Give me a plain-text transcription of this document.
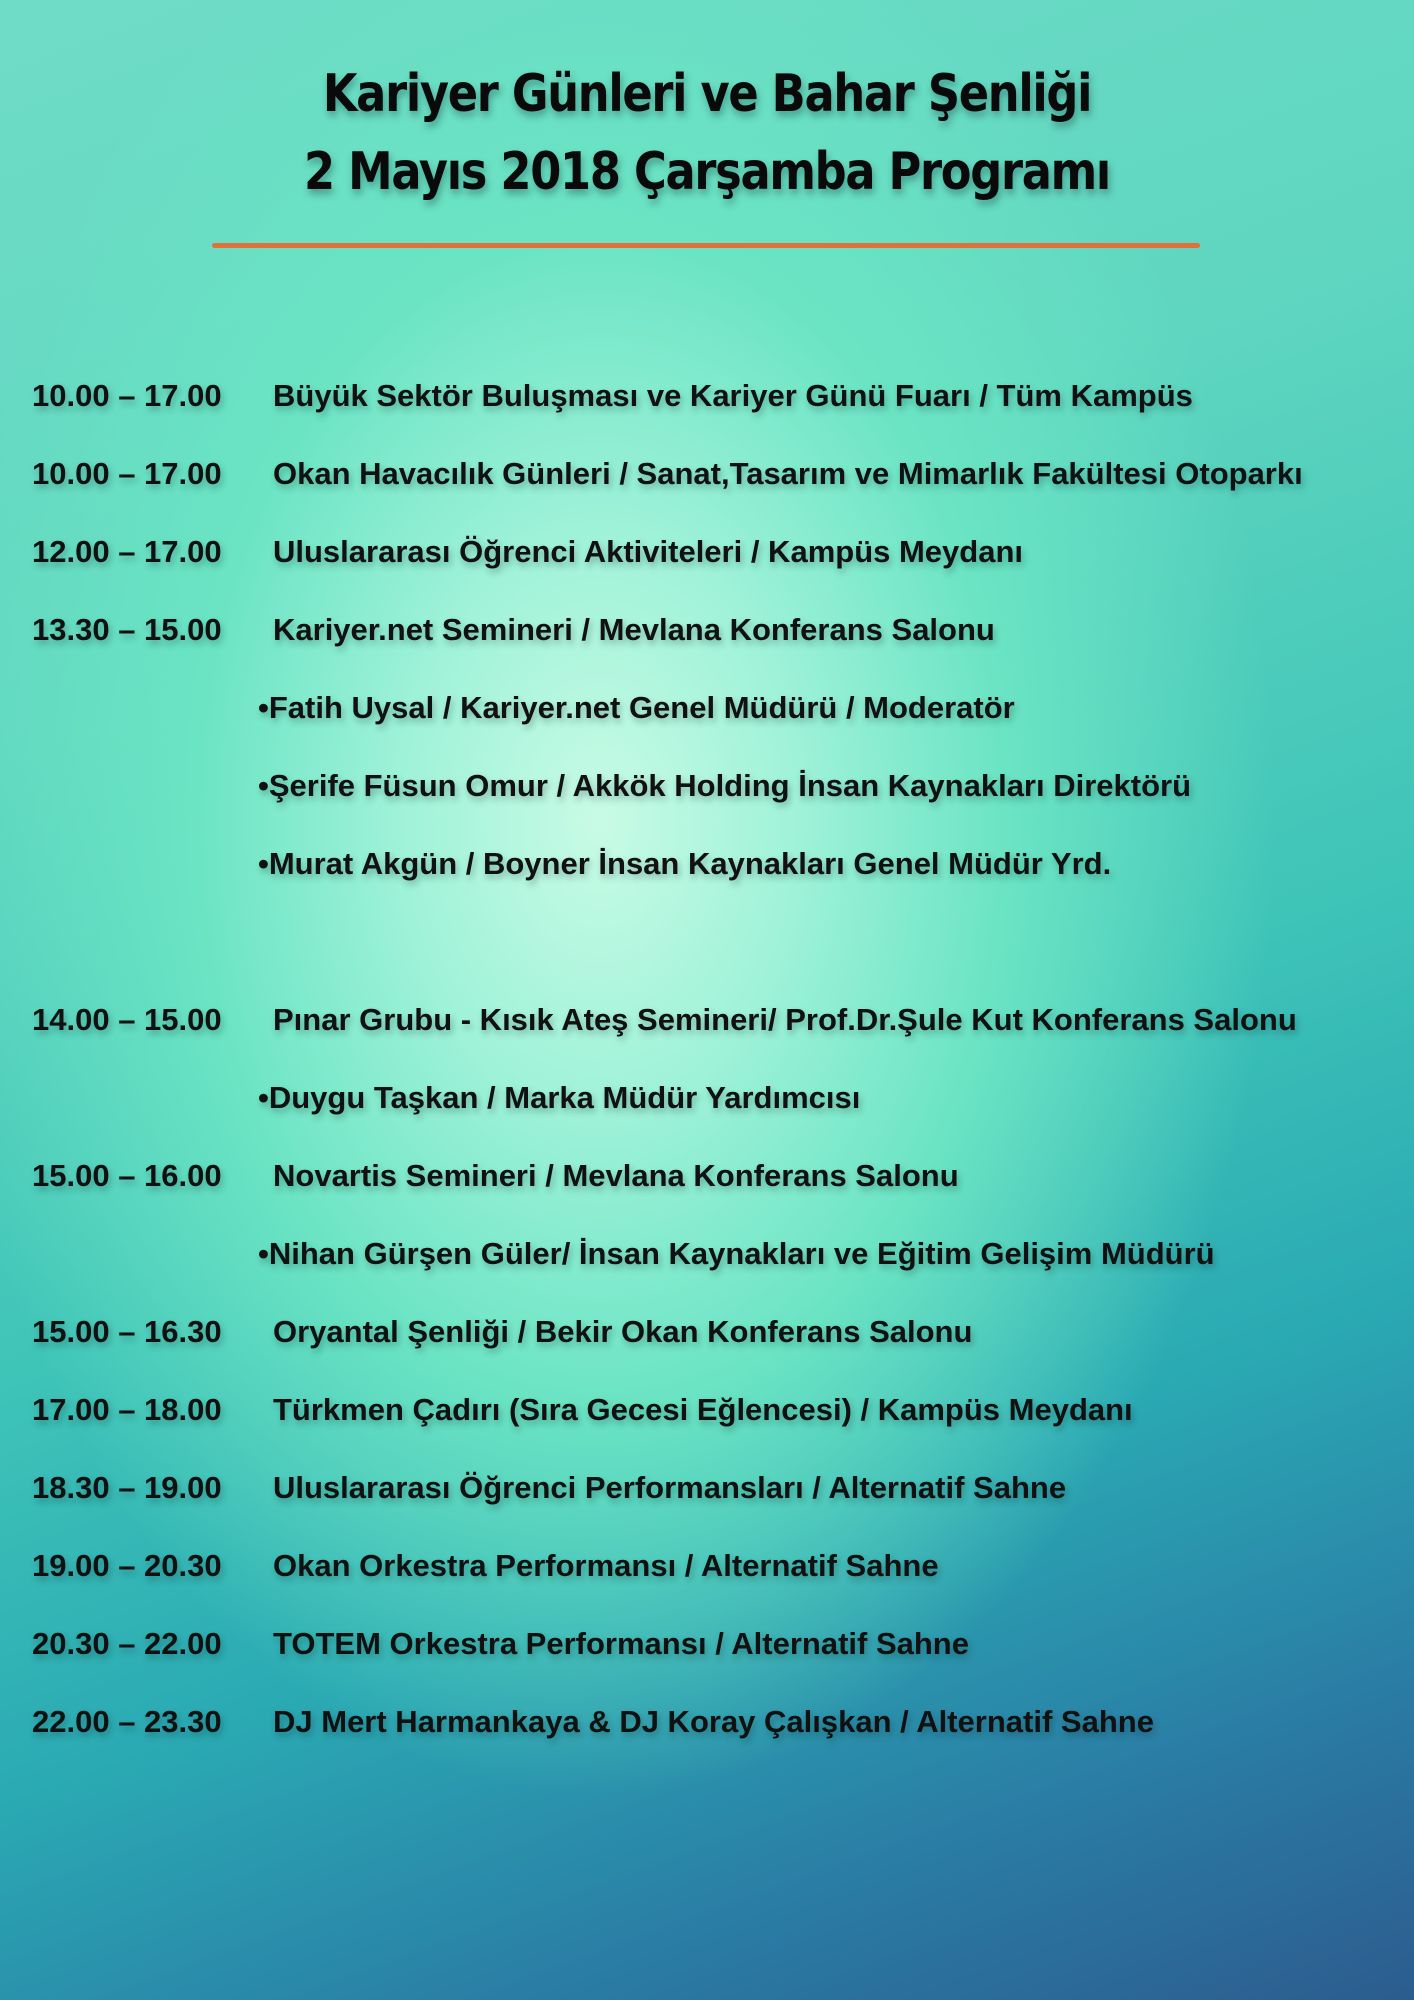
Kariyer Günleri ve Bahar Şenliği
2 Mayıs 2018 Çarşamba Programı
10.00 – 17.00 Büyük Sektör Buluşması ve Kariyer Günü Fuarı / Tüm Kampüs
10.00 – 17.00 Okan Havacılık Günleri / Sanat,Tasarım ve Mimarlık Fakültesi Otoparkı
12.00 – 17.00 Uluslararası Öğrenci Aktiviteleri / Kampüs Meydanı
13.30 – 15.00 Kariyer.net Semineri / Mevlana Konferans Salonu
•Fatih Uysal / Kariyer.net Genel Müdürü / Moderatör
•Şerife Füsun Omur / Akkök Holding İnsan Kaynakları Direktörü
•Murat Akgün / Boyner İnsan Kaynakları Genel Müdür Yrd.
14.00 – 15.00 Pınar Grubu - Kısık Ateş Semineri/ Prof.Dr.Şule Kut Konferans Salonu
•Duygu Taşkan / Marka Müdür Yardımcısı
15.00 – 16.00 Novartis Semineri / Mevlana Konferans Salonu
•Nihan Gürşen Güler/ İnsan Kaynakları ve Eğitim Gelişim Müdürü
15.00 – 16.30 Oryantal Şenliği / Bekir Okan Konferans Salonu
17.00 – 18.00 Türkmen Çadırı (Sıra Gecesi Eğlencesi) / Kampüs Meydanı
18.30 – 19.00 Uluslararası Öğrenci Performansları / Alternatif Sahne
19.00 – 20.30 Okan Orkestra Performansı / Alternatif Sahne
20.30 – 22.00 TOTEM Orkestra Performansı / Alternatif Sahne
22.00 – 23.30 DJ Mert Harmankaya & DJ Koray Çalışkan / Alternatif Sahne
